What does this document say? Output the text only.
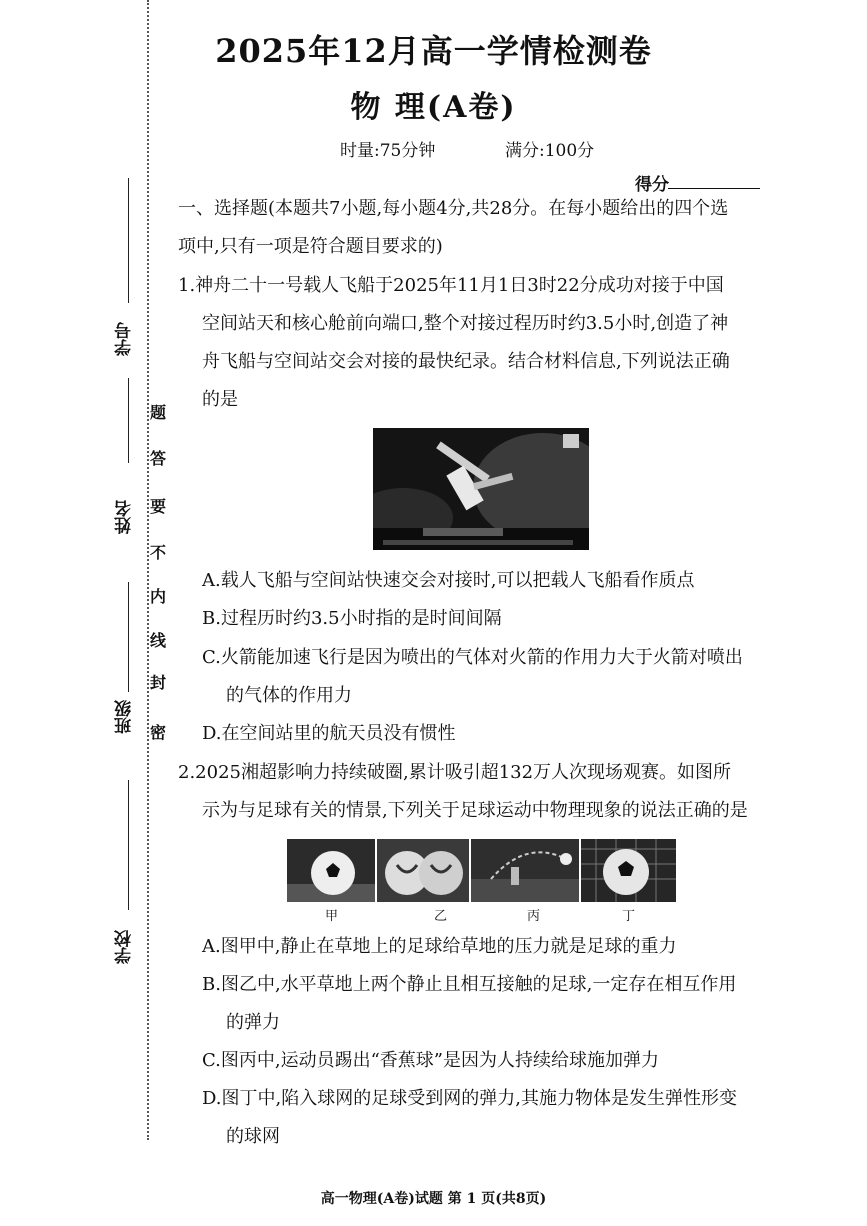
学号
姓名
班级
学校
密
封
线
内
不
要
答
题
2025年12月高一学情检测卷
物 理(A卷)
时量:75分钟	满分:100分
得分
一、选择题(本题共7小题,每小题4分,共28分。在每小题给出的四个选
项中,只有一项是符合题目要求的)
1.神舟二十一号载人飞船于2025年11月1日3时22分成功对接于中国
空间站天和核心舱前向端口,整个对接过程历时约3.5小时,创造了神
舟飞船与空间站交会对接的最快纪录。结合材料信息,下列说法正确
的是
A.载人飞船与空间站快速交会对接时,可以把载人飞船看作质点
B.过程历时约3.5小时指的是时间间隔
C.火箭能加速飞行是因为喷出的气体对火箭的作用力大于火箭对喷出
的气体的作用力
D.在空间站里的航天员没有惯性
2.2025湘超影响力持续破圈,累计吸引超132万人次现场观赛。如图所
示为与足球有关的情景,下列关于足球运动中物理现象的说法正确的是
甲	乙	丙	丁
A.图甲中,静止在草地上的足球给草地的压力就是足球的重力
B.图乙中,水平草地上两个静止且相互接触的足球,一定存在相互作用
的弹力
C.图丙中,运动员踢出“香蕉球”是因为人持续给球施加弹力
D.图丁中,陷入球网的足球受到网的弹力,其施力物体是发生弹性形变
的球网
高一物理(A卷)试题 第 1 页(共8页)
